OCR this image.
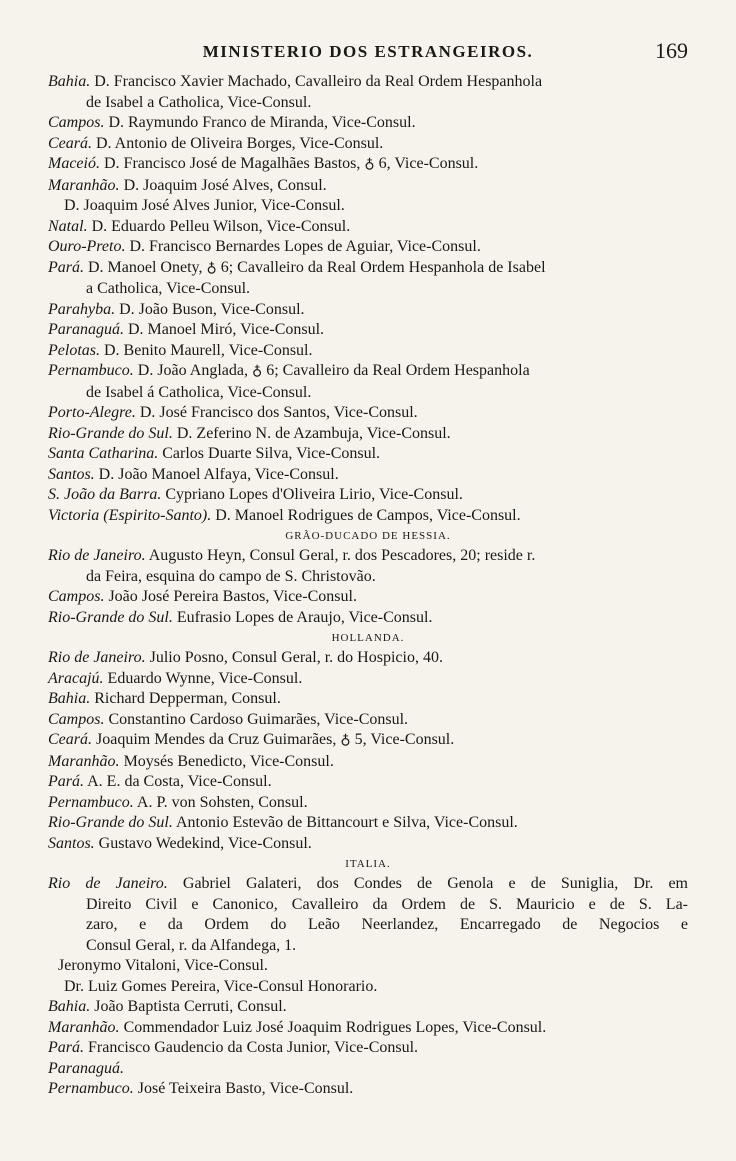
MINISTERIO DOS ESTRANGEIROS.	169
Bahia. D. Francisco Xavier Machado, Cavalleiro da Real Ordem Hespanhola
de Isabel a Catholica, Vice-Consul.
Campos. D. Raymundo Franco de Miranda, Vice-Consul.
Ceará. D. Antonio de Oliveira Borges, Vice-Consul.
Maceió. D. Francisco José de Magalhães Bastos, ♁ 6, Vice-Consul.
Maranhão. D. Joaquim José Alves, Consul.
D. Joaquim José Alves Junior, Vice-Consul.
Natal. D. Eduardo Pelleu Wilson, Vice-Consul.
Ouro-Preto. D. Francisco Bernardes Lopes de Aguiar, Vice-Consul.
Pará. D. Manoel Onety, ♁ 6; Cavalleiro da Real Ordem Hespanhola de Isabel
a Catholica, Vice-Consul.
Parahyba. D. João Buson, Vice-Consul.
Paranaguá. D. Manoel Miró, Vice-Consul.
Pelotas. D. Benito Maurell, Vice-Consul.
Pernambuco. D. João Anglada, ♁ 6; Cavalleiro da Real Ordem Hespanhola
de Isabel á Catholica, Vice-Consul.
Porto-Alegre. D. José Francisco dos Santos, Vice-Consul.
Rio-Grande do Sul. D. Zeferino N. de Azambuja, Vice-Consul.
Santa Catharina. Carlos Duarte Silva, Vice-Consul.
Santos. D. João Manoel Alfaya, Vice-Consul.
S. João da Barra. Cypriano Lopes d'Oliveira Lirio, Vice-Consul.
Victoria (Espirito-Santo). D. Manoel Rodrigues de Campos, Vice-Consul.
GRÃO-DUCADO DE HESSIA.
Rio de Janeiro. Augusto Heyn, Consul Geral, r. dos Pescadores, 20; reside r.
da Feira, esquina do campo de S. Christovão.
Campos. João José Pereira Bastos, Vice-Consul.
Rio-Grande do Sul. Eufrasio Lopes de Araujo, Vice-Consul.
HOLLANDA.
Rio de Janeiro. Julio Posno, Consul Geral, r. do Hospicio, 40.
Aracajú. Eduardo Wynne, Vice-Consul.
Bahia. Richard Depperman, Consul.
Campos. Constantino Cardoso Guimarães, Vice-Consul.
Ceará. Joaquim Mendes da Cruz Guimarães, ♁ 5, Vice-Consul.
Maranhão. Moysés Benedicto, Vice-Consul.
Pará. A. E. da Costa, Vice-Consul.
Pernambuco. A. P. von Sohsten, Consul.
Rio-Grande do Sul. Antonio Estevão de Bittancourt e Silva, Vice-Consul.
Santos. Gustavo Wedekind, Vice-Consul.
ITALIA.
Rio de Janeiro. Gabriel Galateri, dos Condes de Genola e de Suniglia, Dr. em
Direito Civil e Canonico, Cavalleiro da Ordem de S. Mauricio e de S. La-
zaro, e da Ordem do Leão Neerlandez, Encarregado de Negocios e
Consul Geral, r. da Alfandega, 1.
Jeronymo Vitaloni, Vice-Consul.
Dr. Luiz Gomes Pereira, Vice-Consul Honorario.
Bahia. João Baptista Cerruti, Consul.
Maranhão. Commendador Luiz José Joaquim Rodrigues Lopes, Vice-Consul.
Pará. Francisco Gaudencio da Costa Junior, Vice-Consul.
Paranaguá.
Pernambuco. José Teixeira Basto, Vice-Consul.
